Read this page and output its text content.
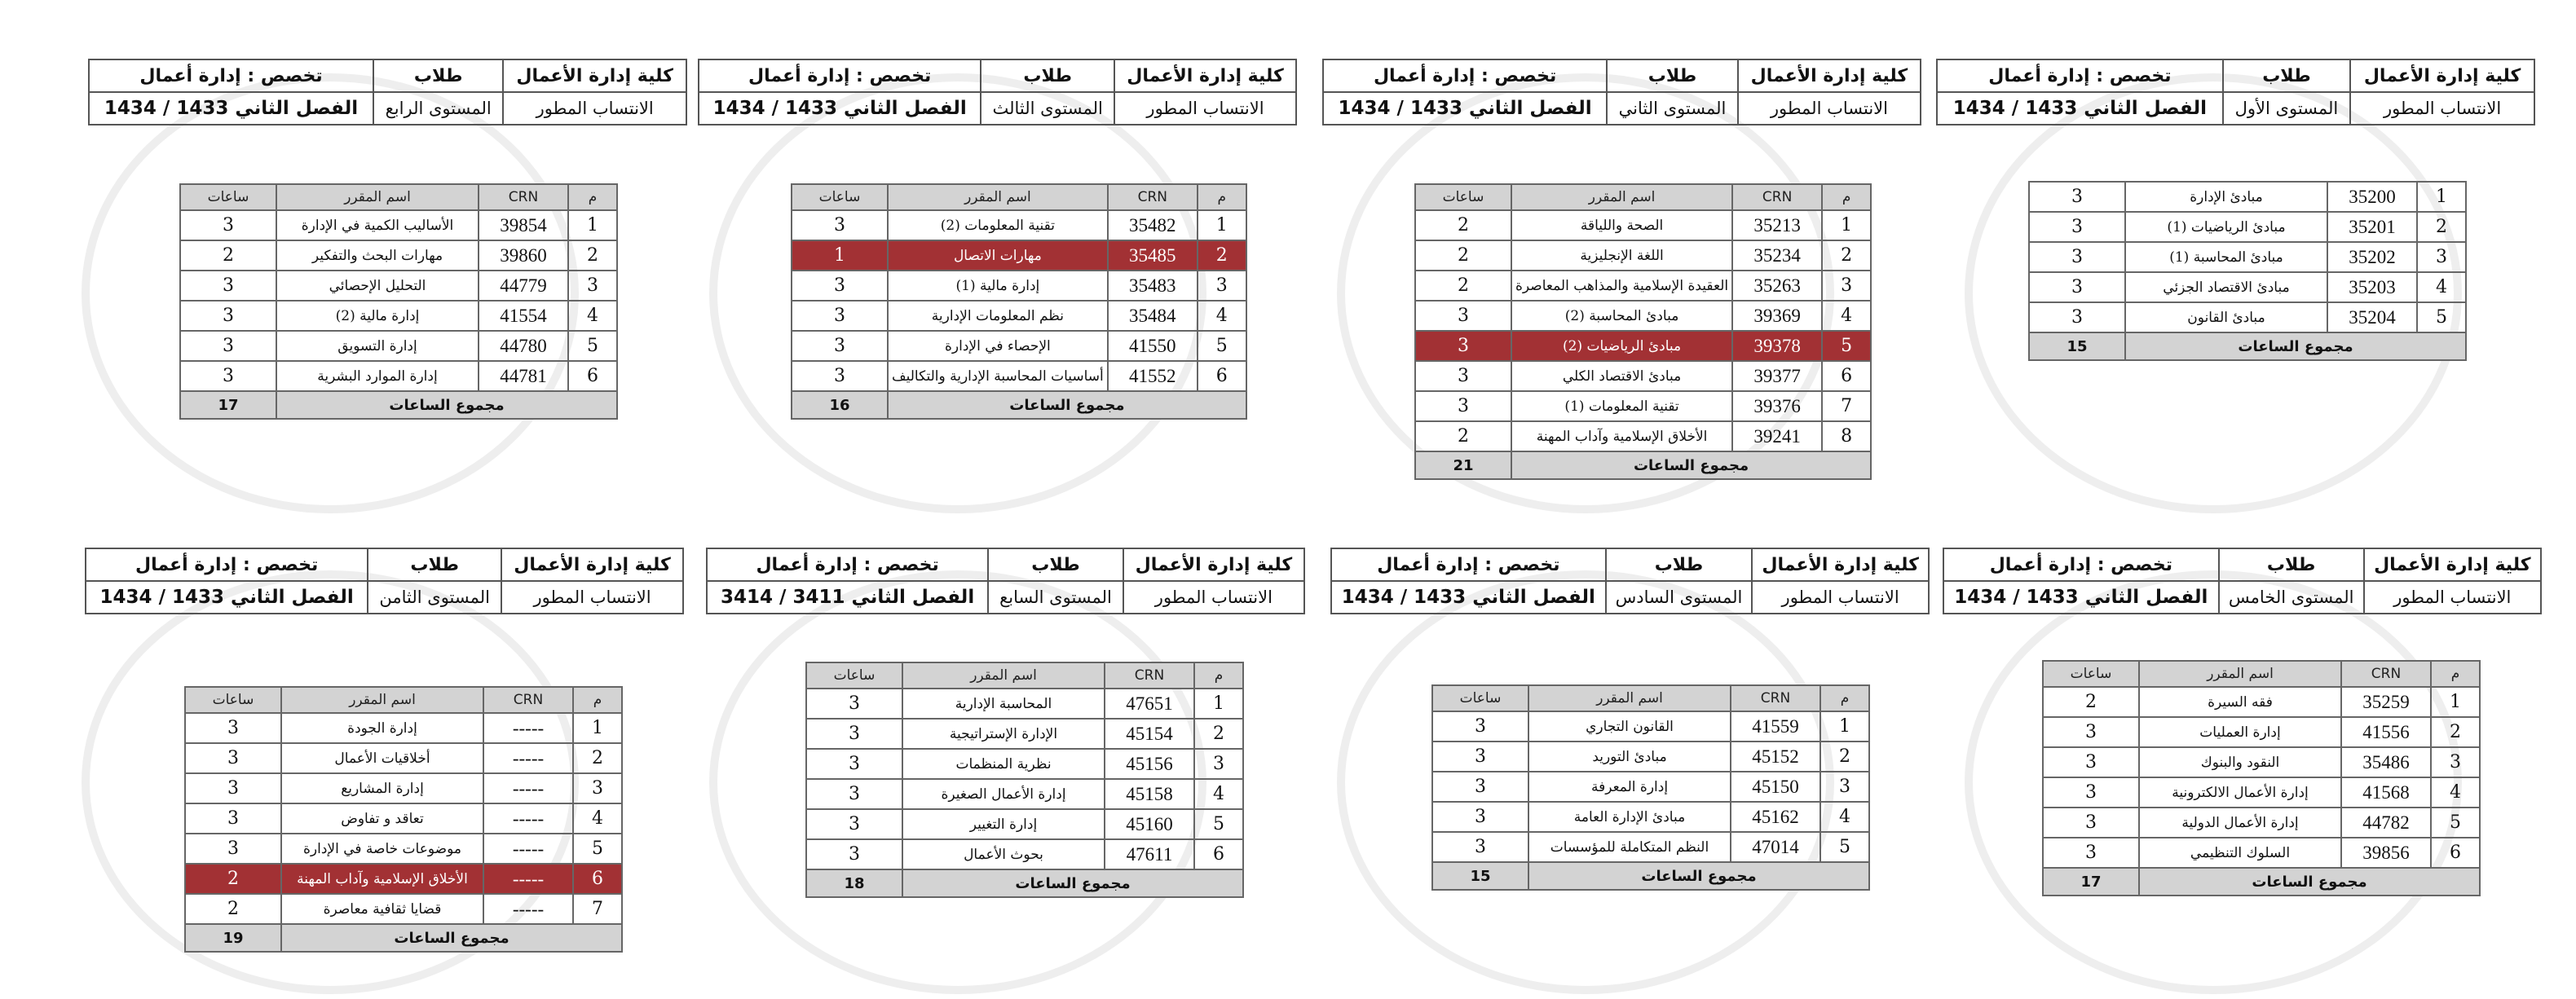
كلية إدارة الأعمال	طلاب	تخصص : إدارة أعمال
الانتساب المطور	المستوى الأول	الفصل الثاني 1433 / 1434
1	35200	مبادئ الإدارة	3
2	35201	مبادئ الرياضيات (1)	3
3	35202	مبادئ المحاسبة (1)	3
4	35203	مبادئ الاقتصاد الجزئي	3
5	35204	مبادئ القانون	3
مجموع الساعات			15
كلية إدارة الأعمال	طلاب	تخصص : إدارة أعمال
الانتساب المطور	المستوى الثاني	الفصل الثاني 1433 / 1434
م	CRN	اسم المقرر	ساعات
1	35213	الصحة واللياقة	2
2	35234	اللغة الإنجليزية	2
3	35263	العقيدة الإسلامية والمذاهب المعاصرة	2
4	39369	مبادئ المحاسبة (2)	3
5	39378	مبادئ الرياضيات (2)	3
6	39377	مبادئ الاقتصاد الكلي	3
7	39376	تقنية المعلومات (1)	3
8	39241	الأخلاق الإسلامية وآداب المهنة	2
مجموع الساعات			21
كلية إدارة الأعمال	طلاب	تخصص : إدارة أعمال
الانتساب المطور	المستوى الثالث	الفصل الثاني 1433 / 1434
م	CRN	اسم المقرر	ساعات
1	35482	تقنية المعلومات (2)	3
2	35485	مهارات الاتصال	1
3	35483	إدارة مالية (1)	3
4	35484	نظم المعلومات الإدارية	3
5	41550	الإحصاء في الإدارة	3
6	41552	أساسيات المحاسبة الإدارية والتكاليف	3
مجموع الساعات			16
كلية إدارة الأعمال	طلاب	تخصص : إدارة أعمال
الانتساب المطور	المستوى الرابع	الفصل الثاني 1433 / 1434
م	CRN	اسم المقرر	ساعات
1	39854	الأساليب الكمية في الإدارة	3
2	39860	مهارات البحث والتفكير	2
3	44779	التحليل الإحصائي	3
4	41554	إدارة مالية (2)	3
5	44780	إدارة التسويق	3
6	44781	إدارة الموارد البشرية	3
مجموع الساعات			17
كلية إدارة الأعمال	طلاب	تخصص : إدارة أعمال
الانتساب المطور	المستوى الخامس	الفصل الثاني 1433 / 1434
م	CRN	اسم المقرر	ساعات
1	35259	فقه السيرة	2
2	41556	إدارة العمليات	3
3	35486	النقود والبنوك	3
4	41568	إدارة الأعمال الالكترونية	3
5	44782	إدارة الأعمال الدولية	3
6	39856	السلوك التنظيمي	3
مجموع الساعات			17
كلية إدارة الأعمال	طلاب	تخصص : إدارة أعمال
الانتساب المطور	المستوى السادس	الفصل الثاني 1433 / 1434
م	CRN	اسم المقرر	ساعات
1	41559	القانون التجاري	3
2	45152	مبادئ التوريد	3
3	45150	إدارة المعرفة	3
4	45162	مبادئ الإدارة العامة	3
5	47014	النظم المتكاملة للمؤسسات	3
مجموع الساعات			15
كلية إدارة الأعمال	طلاب	تخصص : إدارة أعمال
الانتساب المطور	المستوى السابع	الفصل الثاني 3411 / 3414
م	CRN	اسم المقرر	ساعات
1	47651	المحاسبة الإدارية	3
2	45154	الإدارة الإستراتيجية	3
3	45156	نظرية المنظمات	3
4	45158	إدارة الأعمال الصغيرة	3
5	45160	إدارة التغيير	3
6	47611	بحوث الأعمال	3
مجموع الساعات			18
كلية إدارة الأعمال	طلاب	تخصص : إدارة أعمال
الانتساب المطور	المستوى الثامن	الفصل الثاني 1433 / 1434
م	CRN	اسم المقرر	ساعات
1	-----	إدارة الجودة	3
2	-----	أخلاقيات الأعمال	3
3	-----	إدارة المشاريع	3
4	-----	تعاقد و تفاوض	3
5	-----	موضوعات خاصة في الإدارة	3
6	-----	الأخلاق الإسلامية وآداب المهنة	2
7	-----	قضايا ثقافية معاصرة	2
مجموع الساعات			19
